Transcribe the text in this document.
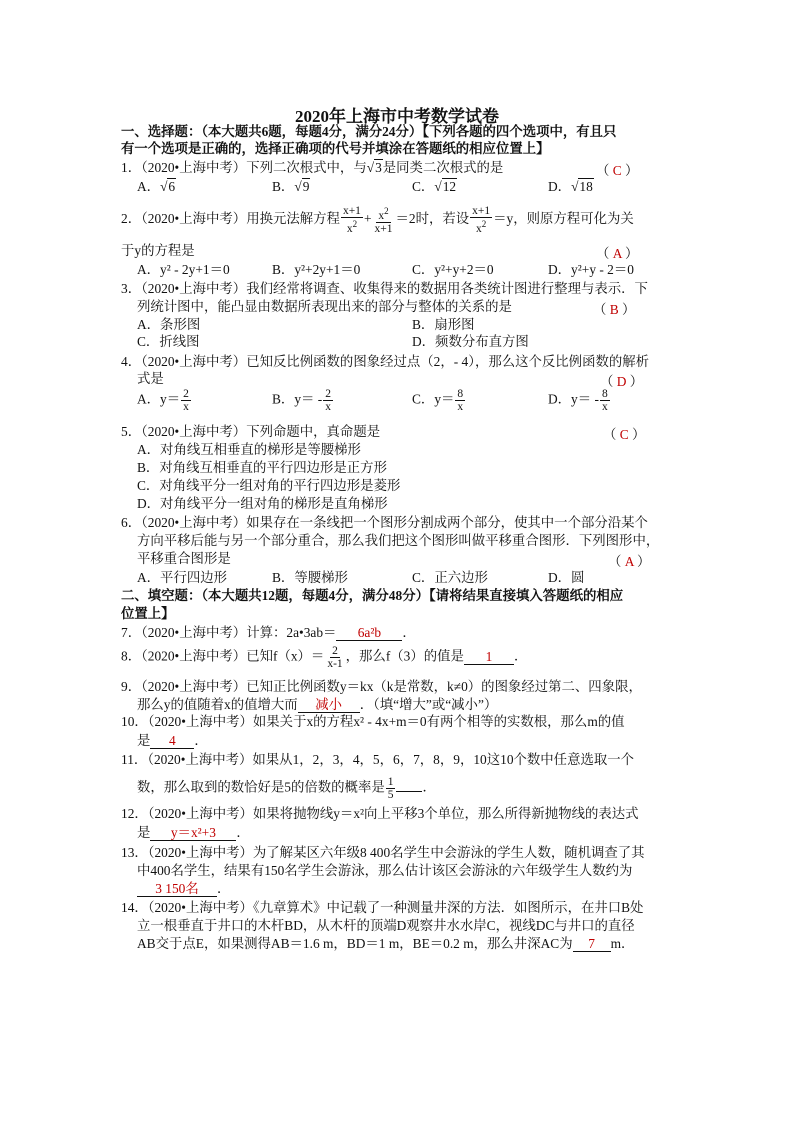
2020年上海市中考数学试卷
一、选择题：（本大题共6题，每题4分，满分24分）【下列各题的四个选项中，有且只
有一个选项是正确的，选择正确项的代号并填涂在答题纸的相应位置上】
1．（2020•上海中考）下列二次根式中，与√3是同类二次根式的是	（ C ）
A．√6	B．√9	C．√12	D．√18
2．（2020•上海中考）用换元法解方程 $\frac{x+1}{x^2} + \frac{x^2}{x+1} =2$时，若设 $\frac{x+1}{x^2} =y$，则原方程可化为关
于y的方程是	（ A ）
A．y² - 2y+1＝0	B．y²+2y+1＝0	C．y²+y+2＝0	D．y²+y - 2＝0
3．（2020•上海中考）我们经常将调查、收集得来的数据用各类统计图进行整理与表示．下
列统计图中，能凸显由数据所表现出来的部分与整体的关系的是	（ B ）
A．条形图	B．扇形图
C．折线图	D．频数分布直方图
4．（2020•上海中考）已知反比例函数的图象经过点（2，- 4），那么这个反比例函数的解析
式是	（ D ）
A．$y= \frac{2}{x}$	B．$y= - \frac{2}{x}$	C．$y= \frac{8}{x}$	D．$y= - \frac{8}{x}$
5．（2020•上海中考）下列命题中，真命题是	（ C ）
A．对角线互相垂直的梯形是等腰梯形
B．对角线互相垂直的平行四边形是正方形
C．对角线平分一组对角的平行四边形是菱形
D．对角线平分一组对角的梯形是直角梯形
6．（2020•上海中考）如果存在一条线把一个图形分割成两个部分，使其中一个部分沿某个
方向平移后能与另一个部分重合，那么我们把这个图形叫做平移重合图形．下列图形中，
平移重合图形是	（ A ）
A．平行四边形	B．等腰梯形	C．正六边形	D．圆
二、填空题：（本大题共12题，每题4分，满分48分）【请将结果直接填入答题纸的相应
位置上】
7．（2020•上海中考）计算：2a•3ab＝ 6a²b ．
8．（2020•上海中考）已知$f(x)= \frac{2}{x-1}$ ，那么f（3）的值是 1 ．
9．（2020•上海中考）已知正比例函数y＝kx（k是常数，k≠0）的图象经过第二、四象限，
那么y的值随着x的值增大而 减小 ．（填“增大”或“减小”）
10．（2020•上海中考）如果关于x的方程x² - 4x+m＝0有两个相等的实数根，那么m的值
是 4 ．
11．（2020•上海中考）如果从1，2，3，4，5，6，7，8，9，10这10个数中任意选取一个
数，那么取到的数恰好是5的倍数的概率是 $\frac{1}{5}$ ．
12．（2020•上海中考）如果将抛物线y＝x²向上平移3个单位，那么所得新抛物线的表达式
是 y＝x²+3 ．
13．（2020•上海中考）为了解某区六年级8 400名学生中会游泳的学生人数，随机调查了其
中400名学生，结果有150名学生会游泳，那么估计该区会游泳的六年级学生人数约为
3 150名 ．
14．（2020•上海中考）《九章算术》中记载了一种测量井深的方法．如图所示，在井口B处
立一根垂直于井口的木杆BD，从木杆的顶端D观察井水水岸C，视线DC与井口的直径
AB交于点E，如果测得AB＝1.6 m，BD＝1 m，BE＝0.2 m，那么井深AC为 7 m．
